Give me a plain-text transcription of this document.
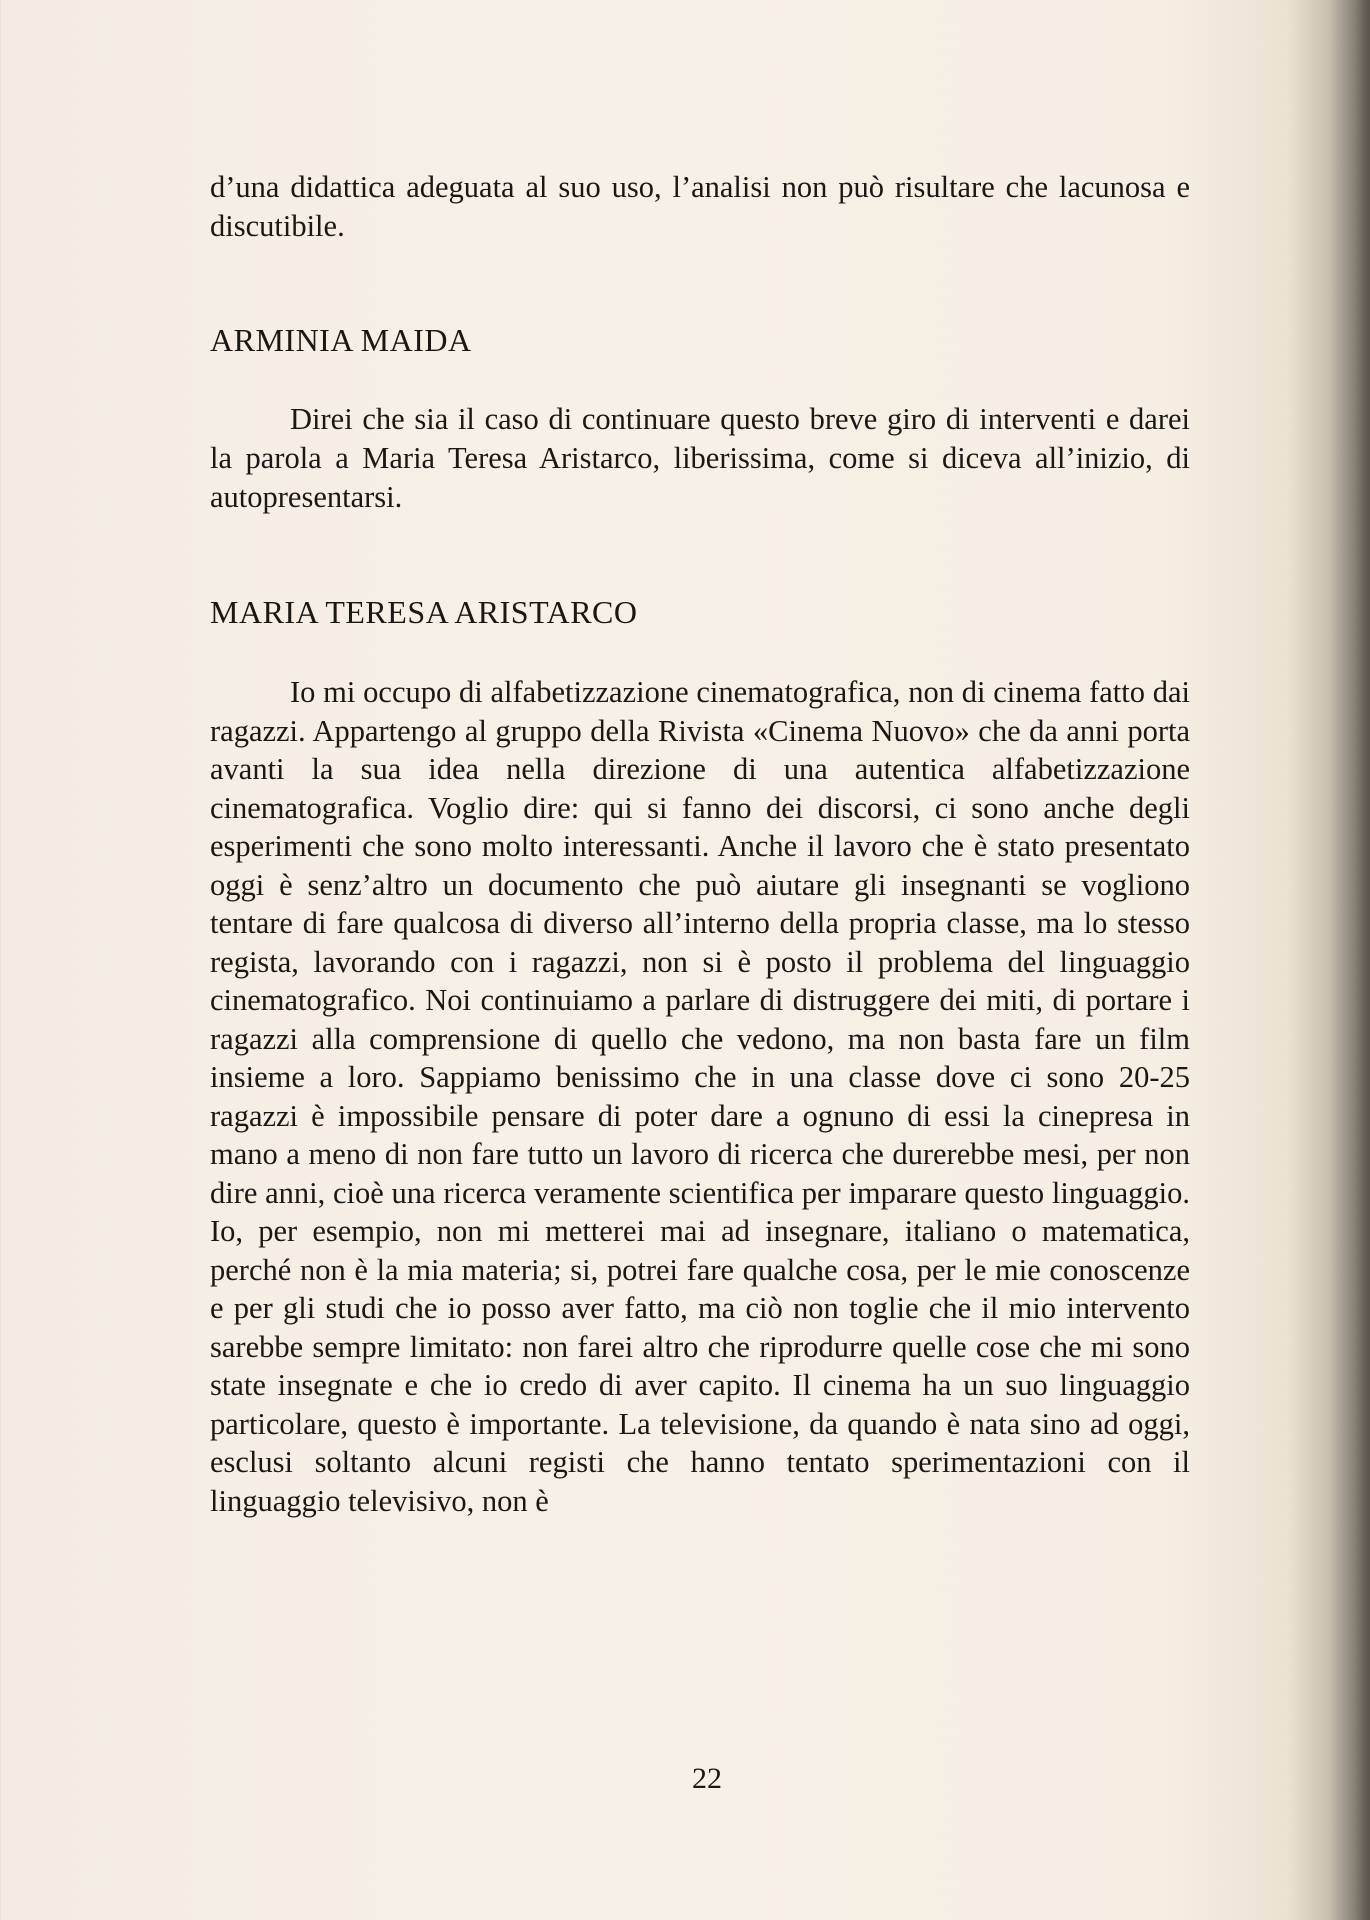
d’una didattica adeguata al suo uso, l’analisi non può risultare che lacunosa e discutibile.

ARMINIA MAIDA

Direi che sia il caso di continuare questo breve giro di interventi e darei la parola a Maria Teresa Aristarco, liberissima, come si diceva all’inizio, di autopresentarsi.

MARIA TERESA ARISTARCO

Io mi occupo di alfabetizzazione cinematografica, non di cinema fatto dai ragazzi. Appartengo al gruppo della Rivista «Cinema Nuovo» che da anni porta avanti la sua idea nella direzione di una autentica alfabetizzazione cinematografica. Voglio dire: qui si fanno dei discorsi, ci sono anche degli esperimenti che sono molto interessanti. Anche il lavoro che è stato presentato oggi è senz’altro un documento che può aiutare gli insegnanti se vogliono tentare di fare qualcosa di diverso all’interno della propria classe, ma lo stesso regista, lavorando con i ragazzi, non si è posto il problema del linguaggio cinematografico. Noi continuiamo a parlare di distruggere dei miti, di portare i ragazzi alla comprensione di quello che vedono, ma non basta fare un film insieme a loro. Sappiamo benissimo che in una classe dove ci sono 20-25 ragazzi è impossibile pensare di poter dare a ognuno di essi la cinepresa in mano a meno di non fare tutto un lavoro di ricerca che durerebbe mesi, per non dire anni, cioè una ricerca veramente scientifica per imparare questo linguaggio. Io, per esempio, non mi metterei mai ad insegnare, italiano o matematica, perché non è la mia materia; si, potrei fare qualche cosa, per le mie conoscenze e per gli studi che io posso aver fatto, ma ciò non toglie che il mio intervento sarebbe sempre limitato: non farei altro che riprodurre quelle cose che mi sono state insegnate e che io credo di aver capito. Il cinema ha un suo linguaggio particolare, questo è importante. La televisione, da quando è nata sino ad oggi, esclusi soltanto alcuni registi che hanno tentato sperimentazioni con il linguaggio televisivo, non è

22
